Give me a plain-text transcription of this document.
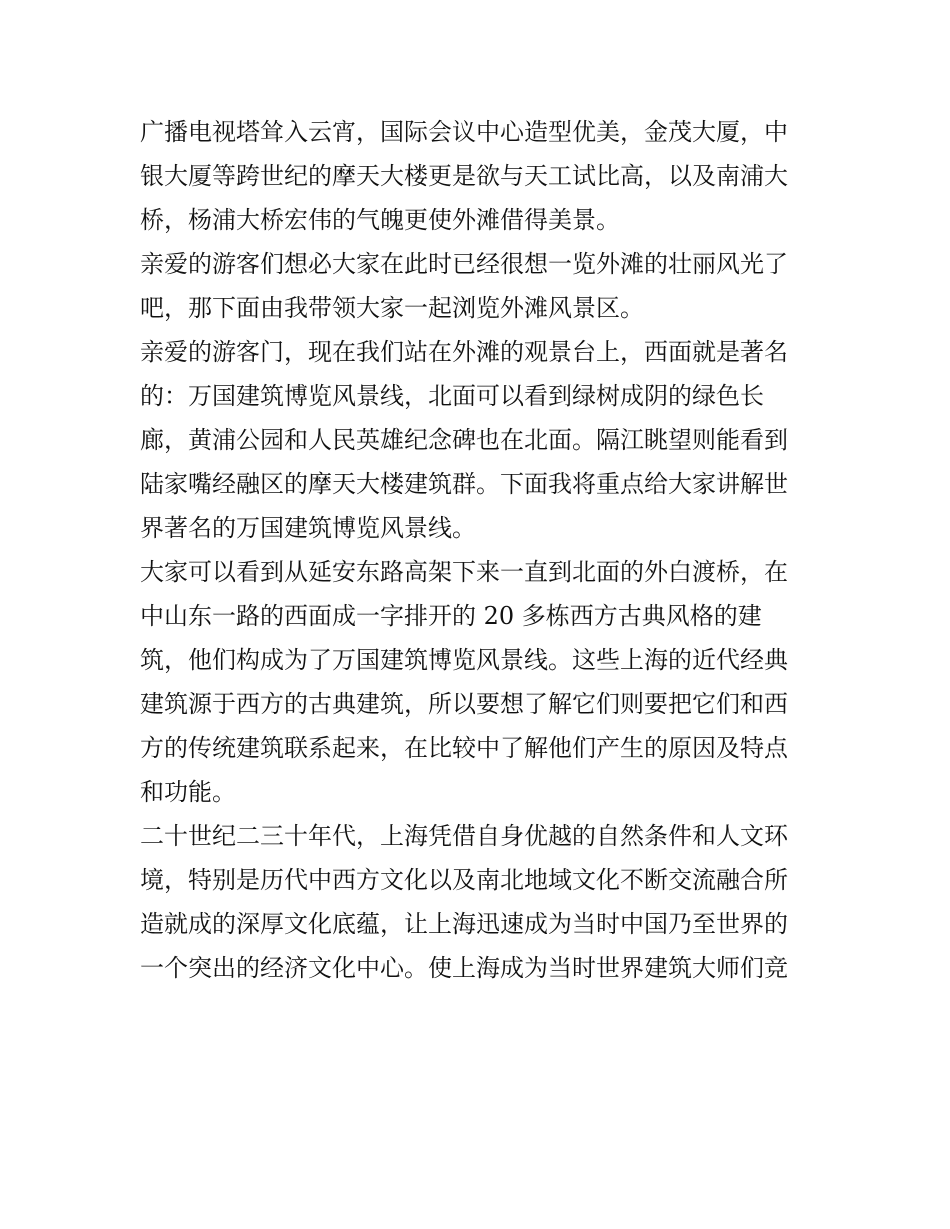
广播电视塔耸入云宵，国际会议中心造型优美，金茂大厦，中
银大厦等跨世纪的摩天大楼更是欲与天工试比高，以及南浦大
桥，杨浦大桥宏伟的气魄更使外滩借得美景。
亲爱的游客们想必大家在此时已经很想一览外滩的壮丽风光了
吧，那下面由我带领大家一起浏览外滩风景区。
亲爱的游客门，现在我们站在外滩的观景台上，西面就是著名
的：万国建筑博览风景线，北面可以看到绿树成阴的绿色长
廊，黄浦公园和人民英雄纪念碑也在北面。隔江眺望则能看到
陆家嘴经融区的摩天大楼建筑群。下面我将重点给大家讲解世
界著名的万国建筑博览风景线。
大家可以看到从延安东路高架下来一直到北面的外白渡桥，在
中山东一路的西面成一字排开的 20 多栋西方古典风格的建
筑，他们构成为了万国建筑博览风景线。这些上海的近代经典
建筑源于西方的古典建筑，所以要想了解它们则要把它们和西
方的传统建筑联系起来，在比较中了解他们产生的原因及特点
和功能。
二十世纪二三十年代，上海凭借自身优越的自然条件和人文环
境，特别是历代中西方文化以及南北地域文化不断交流融合所
造就成的深厚文化底蕴，让上海迅速成为当时中国乃至世界的
一个突出的经济文化中心。使上海成为当时世界建筑大师们竞
